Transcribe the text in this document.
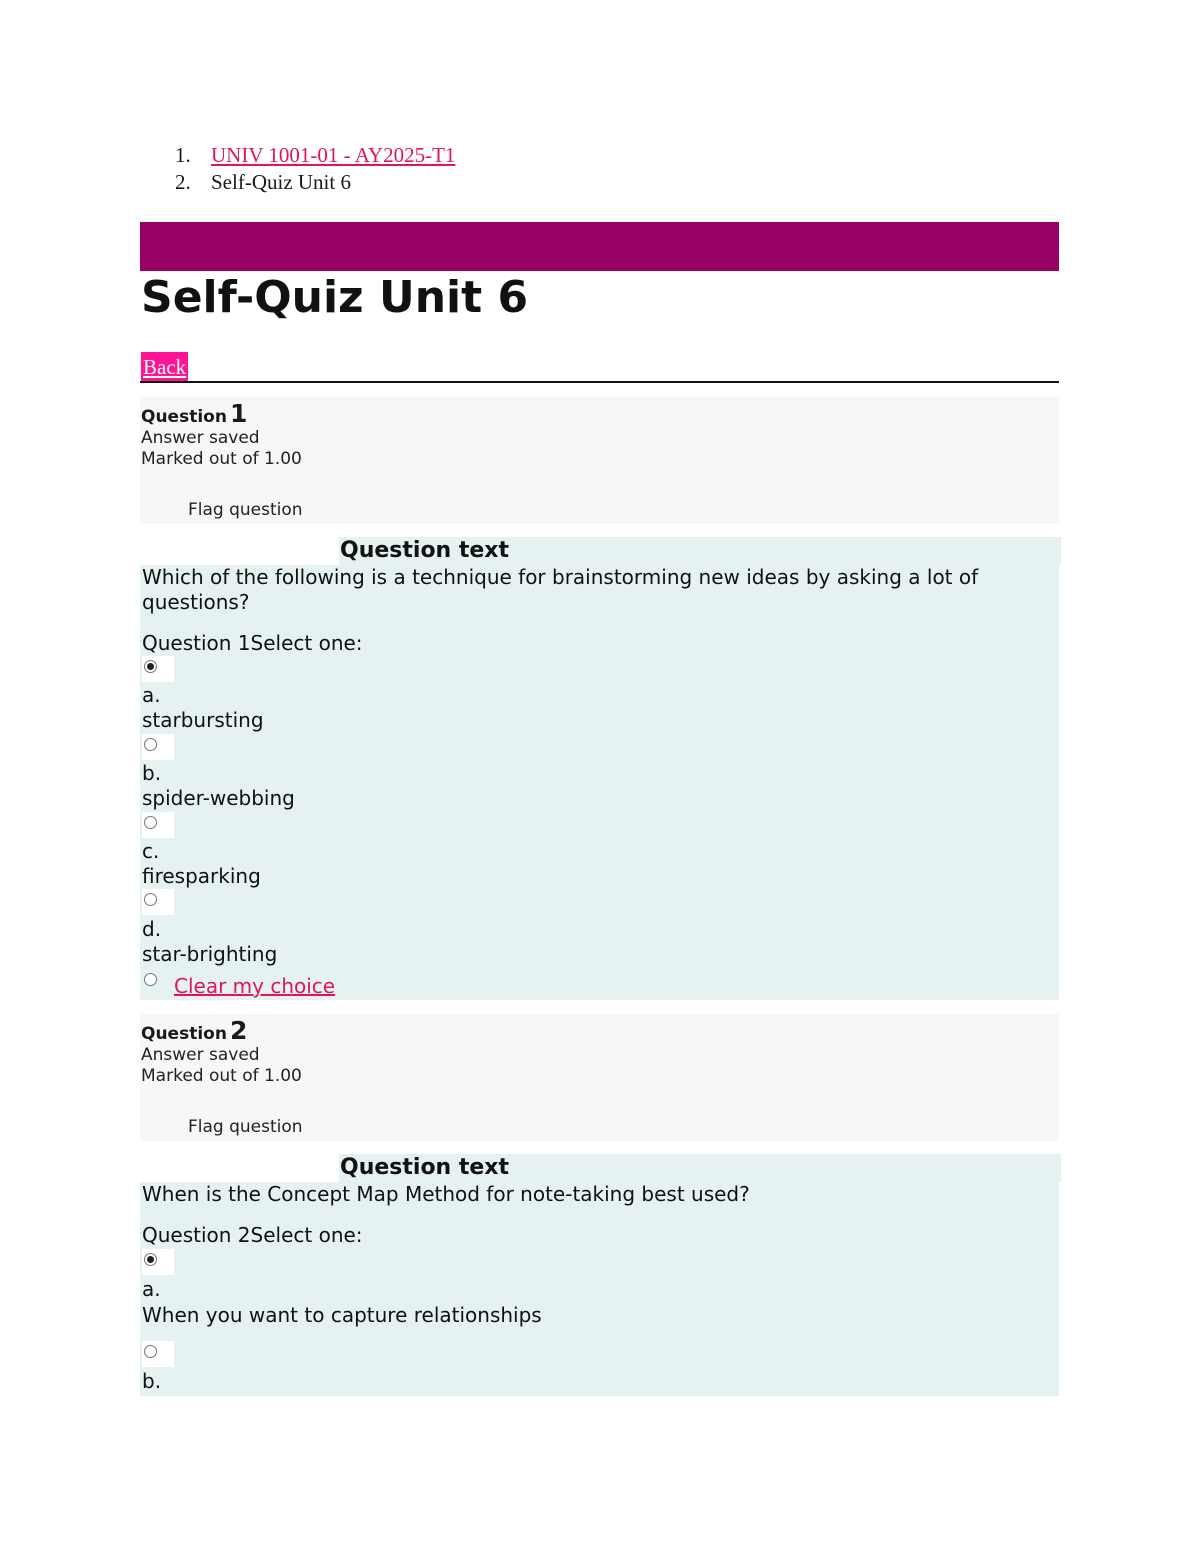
1. UNIV 1001-01 - AY2025-T1
2. Self-Quiz Unit 6
Self-Quiz Unit 6
Back
Question 1
Answer saved
Marked out of 1.00
Flag question
Question text
Which of the following is a technique for brainstorming new ideas by asking a lot of questions?
Question 1Select one:
a.
starbursting
b.
spider-webbing
c.
firesparking
d.
star-brighting
Clear my choice
Question 2
Answer saved
Marked out of 1.00
Flag question
Question text
When is the Concept Map Method for note-taking best used?
Question 2Select one:
a.
When you want to capture relationships
b.
